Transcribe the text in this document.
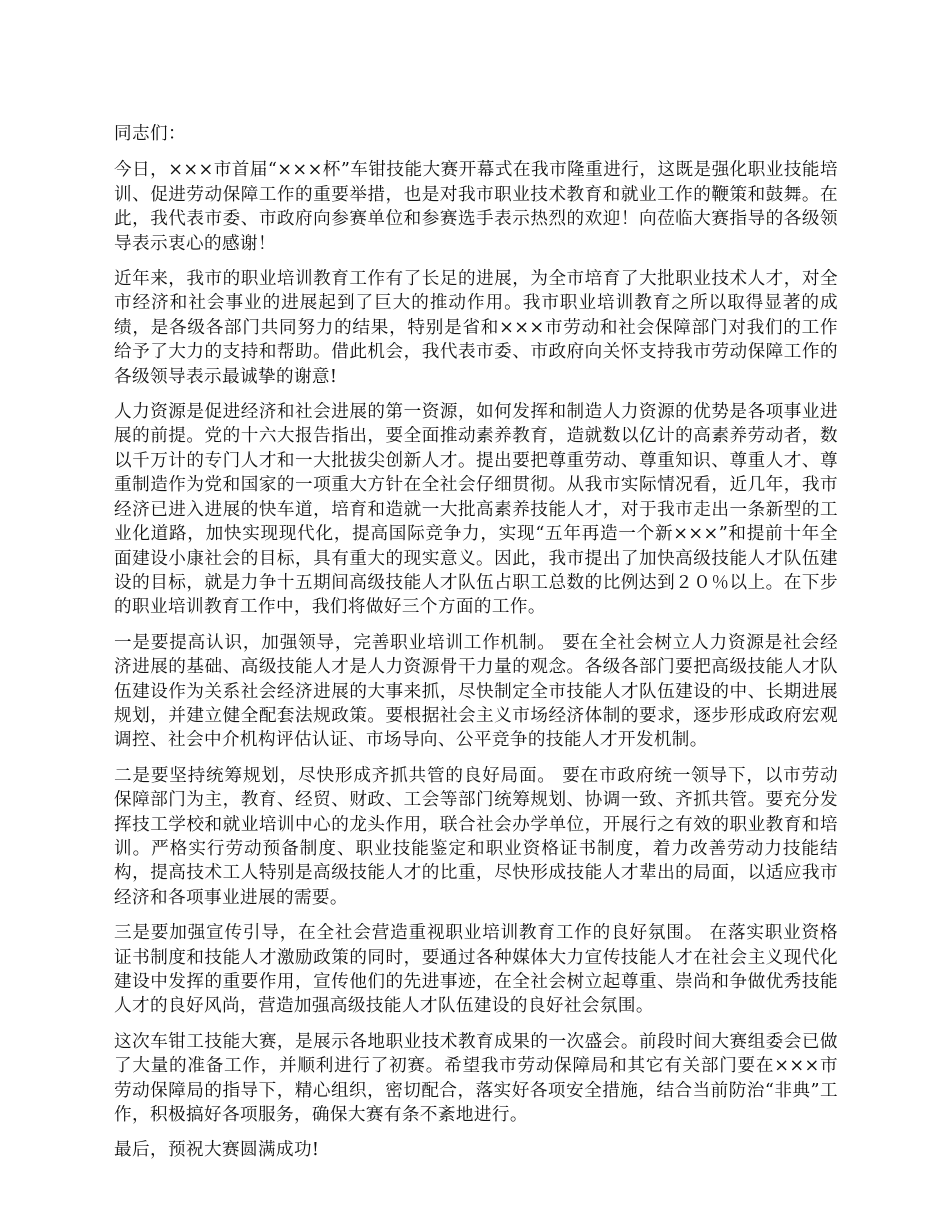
同志们：

今日，×××市首届“×××杯”车钳技能大赛开幕式在我市隆重进行，这既是强化职业技能培训、促进劳动保障工作的重要举措，也是对我市职业技术教育和就业工作的鞭策和鼓舞。在此，我代表市委、市政府向参赛单位和参赛选手表示热烈的欢迎！向莅临大赛指导的各级领导表示衷心的感谢！

近年来，我市的职业培训教育工作有了长足的进展，为全市培育了大批职业技术人才，对全市经济和社会事业的进展起到了巨大的推动作用。我市职业培训教育之所以取得显著的成绩，是各级各部门共同努力的结果，特别是省和×××市劳动和社会保障部门对我们的工作给予了大力的支持和帮助。借此机会，我代表市委、市政府向关怀支持我市劳动保障工作的各级领导表示最诚挚的谢意!

人力资源是促进经济和社会进展的第一资源，如何发挥和制造人力资源的优势是各项事业进展的前提。党的十六大报告指出，要全面推动素养教育，造就数以亿计的高素养劳动者，数以千万计的专门人才和一大批拔尖创新人才。提出要把尊重劳动、尊重知识、尊重人才、尊重制造作为党和国家的一项重大方针在全社会仔细贯彻。从我市实际情况看，近几年，我市经济已进入进展的快车道，培育和造就一大批高素养技能人才，对于我市走出一条新型的工业化道路，加快实现现代化，提高国际竞争力，实现“五年再造一个新×××”和提前十年全面建设小康社会的目标，具有重大的现实意义。因此，我市提出了加快高级技能人才队伍建设的目标，就是力争十五期间高级技能人才队伍占职工总数的比例达到２０％以上。在下步的职业培训教育工作中，我们将做好三个方面的工作。

一是要提高认识，加强领导，完善职业培训工作机制。 要在全社会树立人力资源是社会经济进展的基础、高级技能人才是人力资源骨干力量的观念。各级各部门要把高级技能人才队伍建设作为关系社会经济进展的大事来抓，尽快制定全市技能人才队伍建设的中、长期进展规划，并建立健全配套法规政策。要根据社会主义市场经济体制的要求，逐步形成政府宏观调控、社会中介机构评估认证、市场导向、公平竞争的技能人才开发机制。

二是要坚持统筹规划，尽快形成齐抓共管的良好局面。 要在市政府统一领导下，以市劳动保障部门为主，教育、经贸、财政、工会等部门统筹规划、协调一致、齐抓共管。要充分发挥技工学校和就业培训中心的龙头作用，联合社会办学单位，开展行之有效的职业教育和培训。严格实行劳动预备制度、职业技能鉴定和职业资格证书制度，着力改善劳动力技能结构，提高技术工人特别是高级技能人才的比重，尽快形成技能人才辈出的局面，以适应我市经济和各项事业进展的需要。

三是要加强宣传引导，在全社会营造重视职业培训教育工作的良好氛围。 在落实职业资格证书制度和技能人才激励政策的同时，要通过各种媒体大力宣传技能人才在社会主义现代化建设中发挥的重要作用，宣传他们的先进事迹，在全社会树立起尊重、崇尚和争做优秀技能人才的良好风尚，营造加强高级技能人才队伍建设的良好社会氛围。

这次车钳工技能大赛，是展示各地职业技术教育成果的一次盛会。前段时间大赛组委会已做了大量的准备工作，并顺利进行了初赛。希望我市劳动保障局和其它有关部门要在×××市劳动保障局的指导下，精心组织，密切配合，落实好各项安全措施，结合当前防治“非典”工作，积极搞好各项服务，确保大赛有条不紊地进行。

最后，预祝大赛圆满成功!
